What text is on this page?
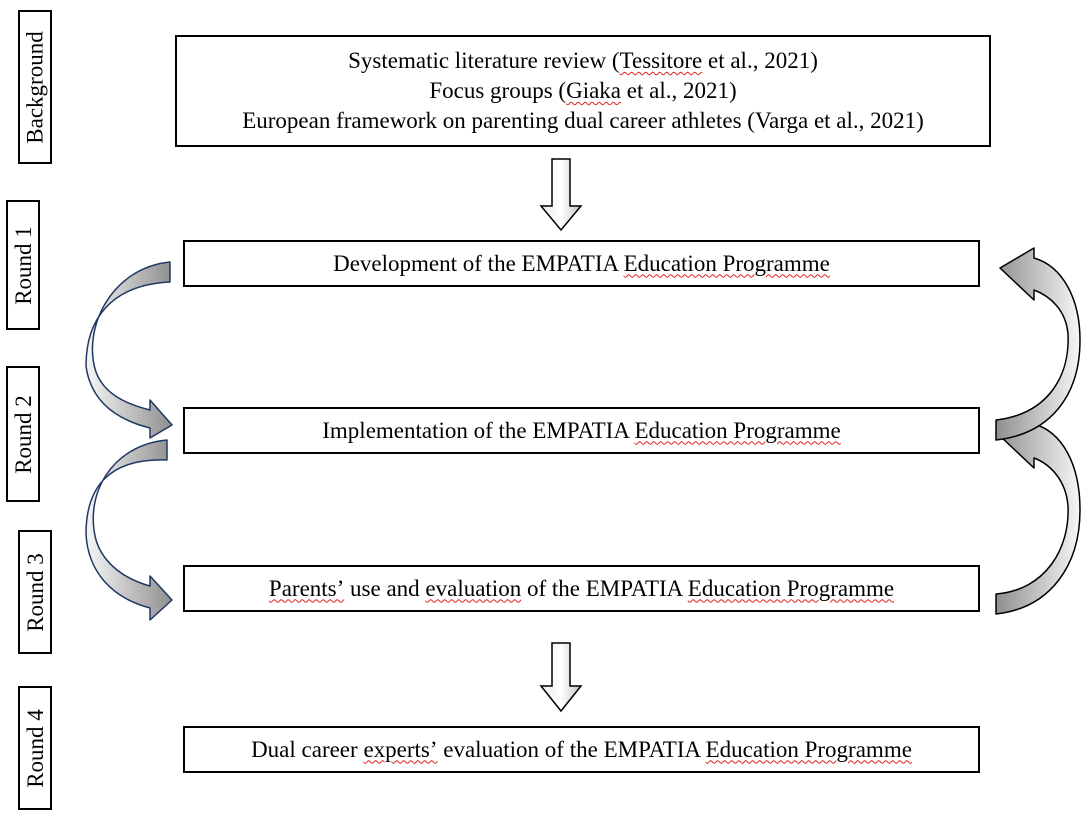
Background
Round 1
Round 2
Round 3
Round 4
Systematic literature review (Tessitore et al., 2021)
Focus groups (Giaka et al., 2021)
European framework on parenting dual career athletes (Varga et al., 2021)
Development of the EMPATIA Education Programme
Implementation of the EMPATIA Education Programme
Parents’ use and evaluation of the EMPATIA Education Programme
Dual career experts’ evaluation of the EMPATIA Education Programme
